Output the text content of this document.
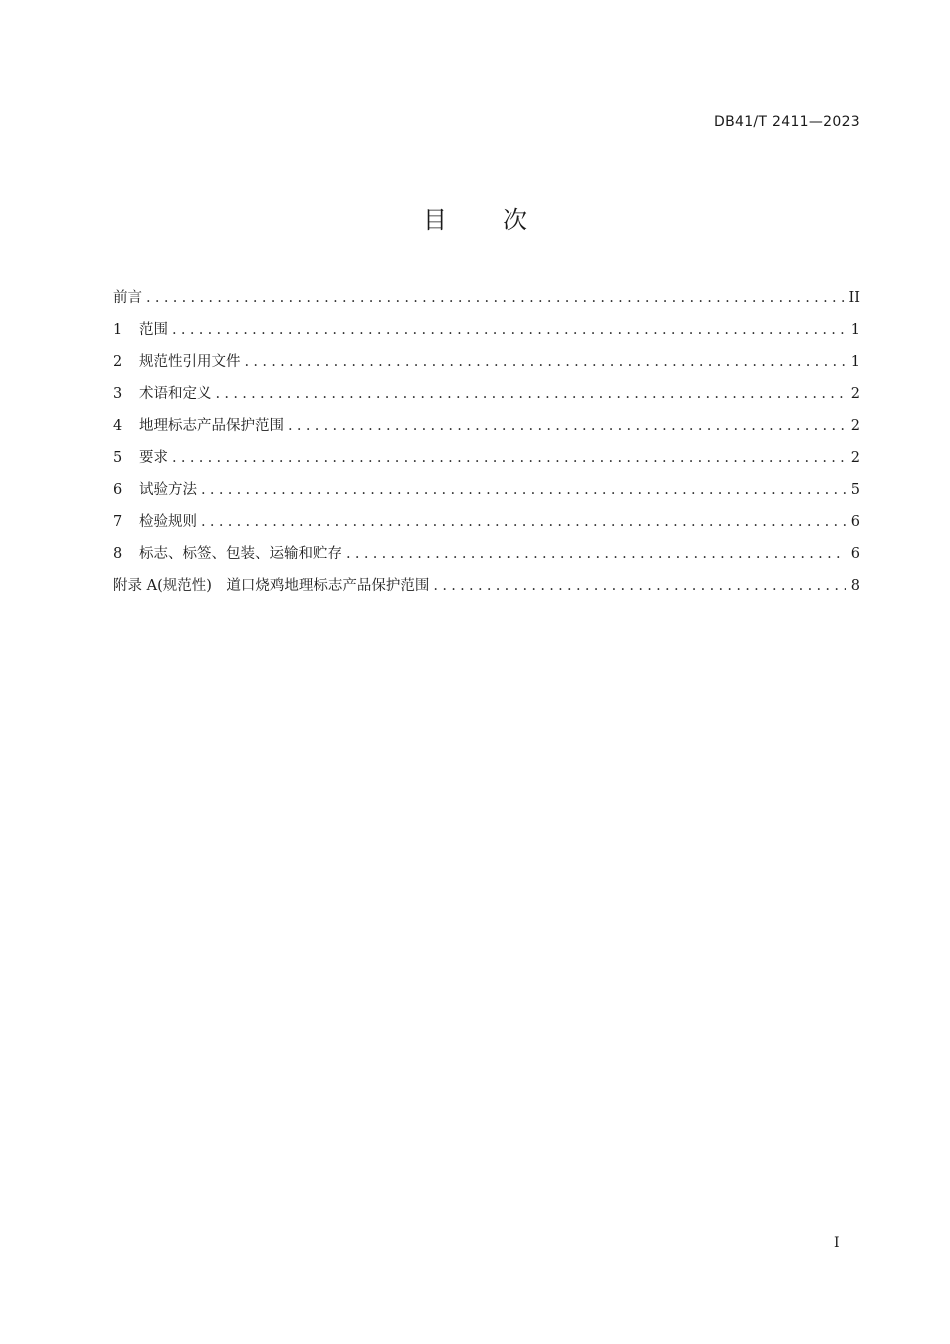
DB41/T 2411—2023
目次
前言 .....	II
1	范围 .....	1
2	规范性引用文件 .....	1
3	术语和定义 .....	2
4	地理标志产品保护范围 .....	2
5	要求 .....	2
6	试验方法 .....	5
7	检验规则 .....	6
8	标志、标签、包装、运输和贮存 .....	6
附录 A(规范性)　道口烧鸡地理标志产品保护范围 .....	8
I
